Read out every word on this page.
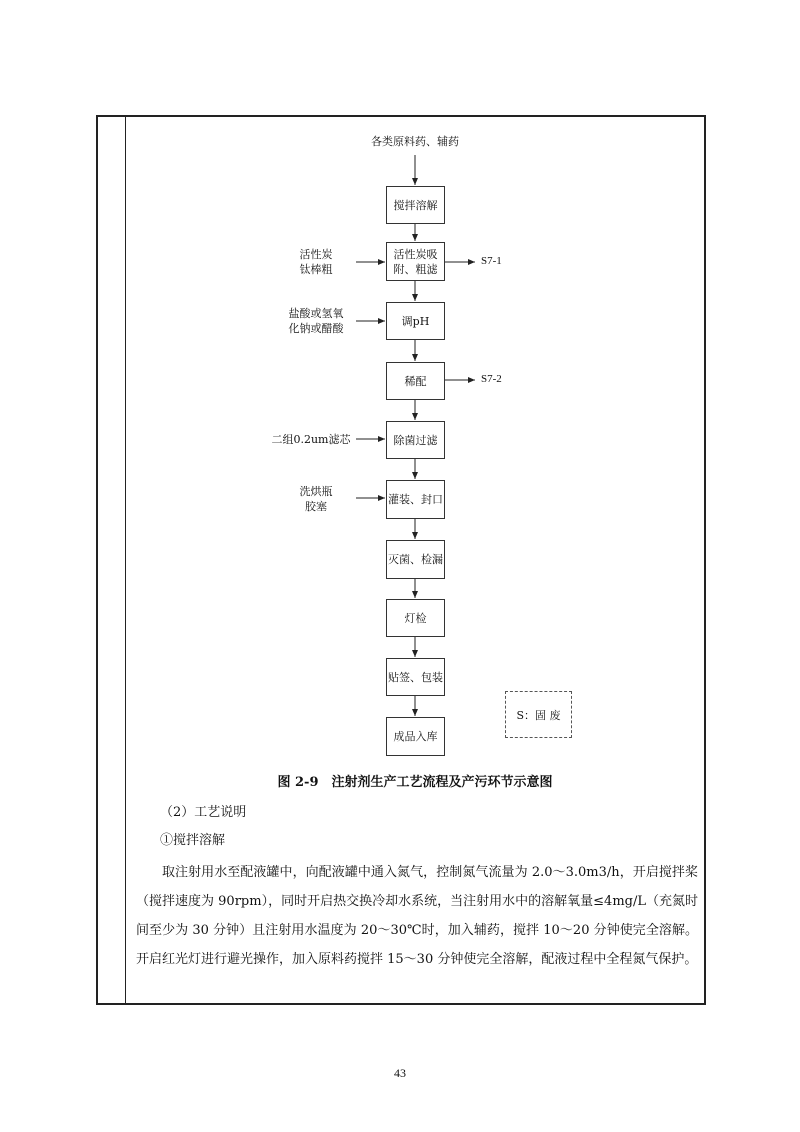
各类原料药、辅药
搅拌溶解
活性炭吸附、粗滤
调pH
稀配
除菌过滤
灌装、封口
灭菌、检漏
灯检
贴签、包装
成品入库
活性炭
钛棒粗
盐酸或氢氧
化钠或醋酸
二组0.2um滤芯
洗烘瓶
胶塞
S7-1
S7-2
S：固 废
图 2-9　注射剂生产工艺流程及产污环节示意图
（2）工艺说明
①搅拌溶解
取注射用水至配液罐中，向配液罐中通入氮气，控制氮气流量为 2.0～3.0m3/h，开启搅拌桨（搅拌速度为 90rpm），同时开启热交换冷却水系统，当注射用水中的溶解氧量≤4mg/L（充氮时间至少为 30 分钟）且注射用水温度为 20～30℃时，加入辅药，搅拌 10～20 分钟使完全溶解。开启红光灯进行避光操作，加入原料药搅拌 15～30 分钟使完全溶解，配液过程中全程氮气保护。
43
